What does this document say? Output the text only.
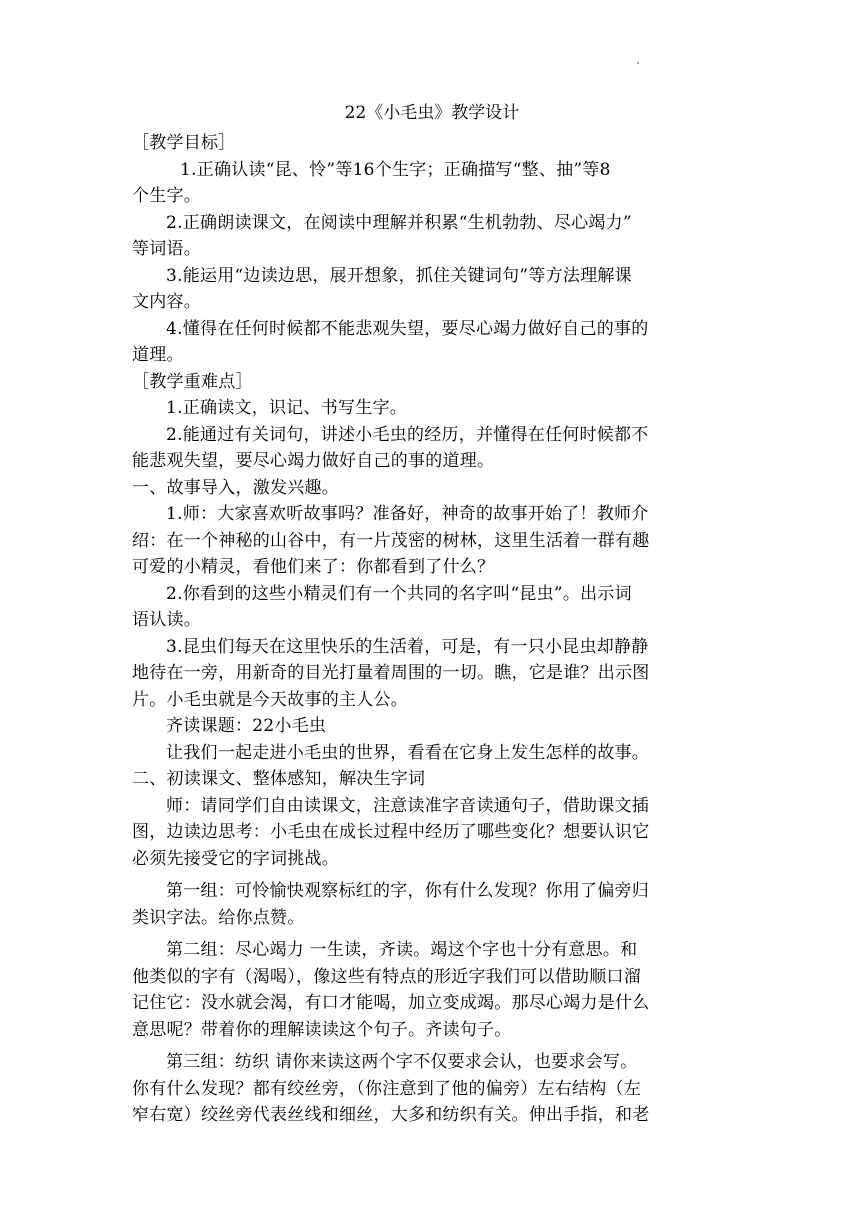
22《小毛虫》教学设计
［教学目标］
1.正确认读“昆、怜”等16个生字；正确描写“整、抽”等8
个生字。
2.正确朗读课文，在阅读中理解并积累“生机勃勃、尽心竭力”
等词语。
3.能运用“边读边思，展开想象，抓住关键词句”等方法理解课
文内容。
4.懂得在任何时候都不能悲观失望，要尽心竭力做好自己的事的
道理。
［教学重难点］
1.正确读文，识记、书写生字。
2.能通过有关词句，讲述小毛虫的经历，并懂得在任何时候都不
能悲观失望，要尽心竭力做好自己的事的道理。
一、故事导入，激发兴趣。
1.师：大家喜欢听故事吗？准备好，神奇的故事开始了！教师介
绍：在一个神秘的山谷中，有一片茂密的树林，这里生活着一群有趣
可爱的小精灵，看他们来了：你都看到了什么？
2.你看到的这些小精灵们有一个共同的名字叫“昆虫”。出示词
语认读。
3.昆虫们每天在这里快乐的生活着，可是，有一只小昆虫却静静
地待在一旁，用新奇的目光打量着周围的一切。瞧，它是谁？出示图
片。小毛虫就是今天故事的主人公。
齐读课题：22小毛虫
让我们一起走进小毛虫的世界，看看在它身上发生怎样的故事。
二、初读课文、整体感知，解决生字词
师：请同学们自由读课文，注意读准字音读通句子，借助课文插
图，边读边思考：小毛虫在成长过程中经历了哪些变化？想要认识它
必须先接受它的字词挑战。
第一组：可怜愉快观察标红的字，你有什么发现？你用了偏旁归
类识字法。给你点赞。
第二组：尽心竭力 一生读，齐读。竭这个字也十分有意思。和
他类似的字有（渴喝），像这些有特点的形近字我们可以借助顺口溜
记住它：没水就会渴，有口才能喝，加立变成竭。那尽心竭力是什么
意思呢？带着你的理解读读这个句子。齐读句子。
第三组：纺织 请你来读这两个字不仅要求会认，也要求会写。
你有什么发现？都有绞丝旁，（你注意到了他的偏旁）左右结构（左
窄右宽）绞丝旁代表丝线和细丝，大多和纺织有关。伸出手指，和老
